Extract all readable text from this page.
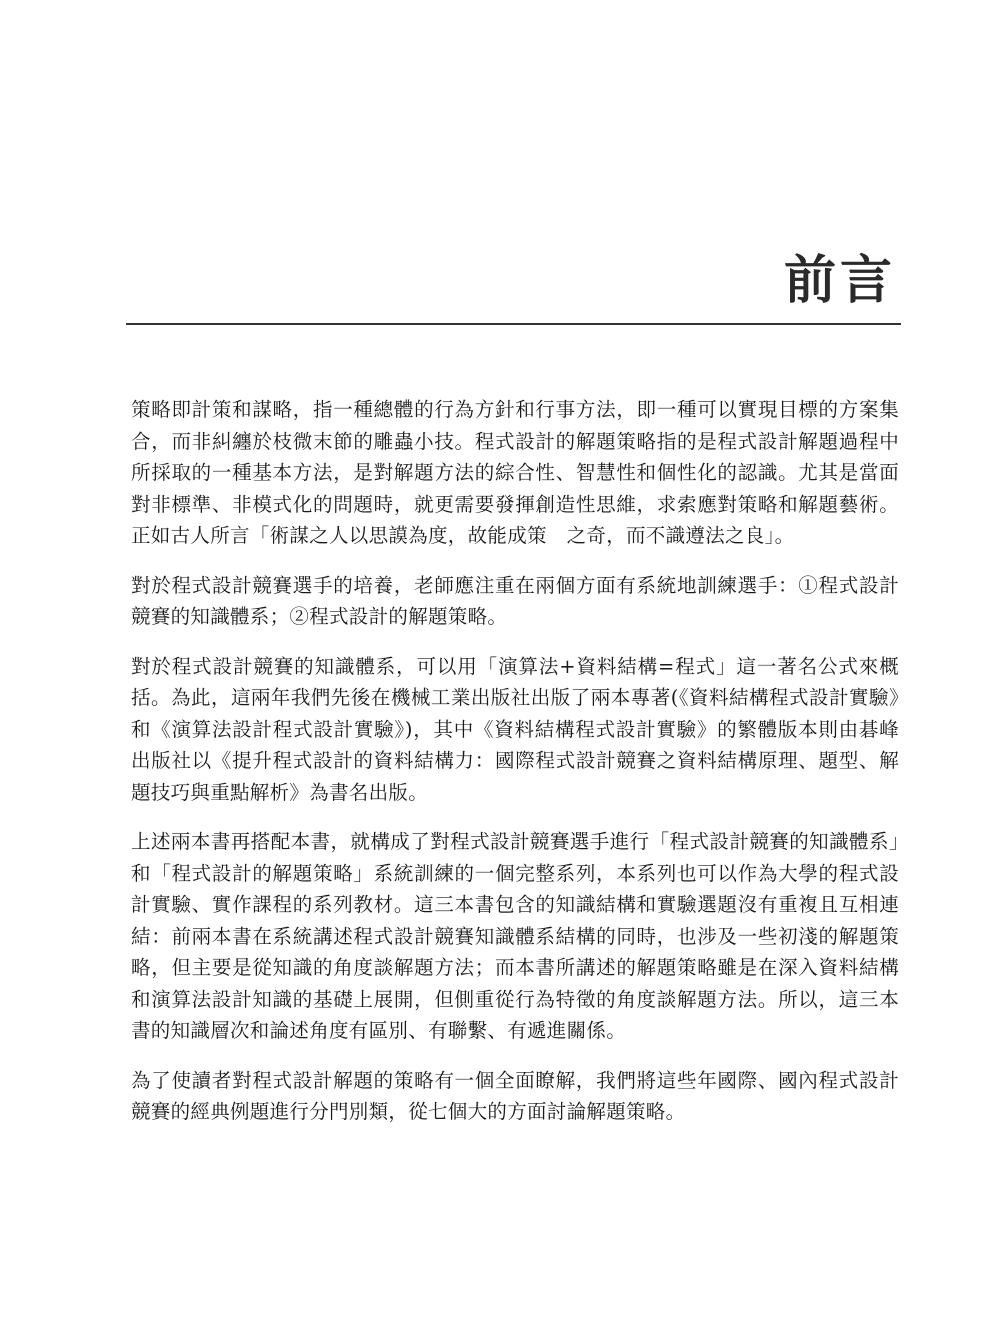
前言

策略即計策和謀略，指一種總體的行為方針和行事方法，即一種可以實現目標的方案集合，而非糾纏於枝微末節的雕蟲小技。程式設計的解題策略指的是程式設計解題過程中所採取的一種基本方法，是對解題方法的綜合性、智慧性和個性化的認識。尤其是當面對非標準、非模式化的問題時，就更需要發揮創造性思維，求索應對策略和解題藝術。正如古人所言「術謀之人以思謨為度，故能成策　之奇，而不識遵法之良」。

對於程式設計競賽選手的培養，老師應注重在兩個方面有系統地訓練選手：①程式設計競賽的知識體系；②程式設計的解題策略。

對於程式設計競賽的知識體系，可以用「演算法+資料結構=程式」這一著名公式來概括。為此，這兩年我們先後在機械工業出版社出版了兩本專著(《資料結構程式設計實驗》和《演算法設計程式設計實驗》)，其中《資料結構程式設計實驗》的繁體版本則由碁峰出版社以《提升程式設計的資料結構力：國際程式設計競賽之資料結構原理、題型、解題技巧與重點解析》為書名出版。

上述兩本書再搭配本書，就構成了對程式設計競賽選手進行「程式設計競賽的知識體系」和「程式設計的解題策略」系統訓練的一個完整系列，本系列也可以作為大學的程式設計實驗、實作課程的系列教材。這三本書包含的知識結構和實驗選題沒有重複且互相連結：前兩本書在系統講述程式設計競賽知識體系結構的同時，也涉及一些初淺的解題策略，但主要是從知識的角度談解題方法；而本書所講述的解題策略雖是在深入資料結構和演算法設計知識的基礎上展開，但側重從行為特徵的角度談解題方法。所以，這三本書的知識層次和論述角度有區別、有聯繫、有遞進關係。

為了使讀者對程式設計解題的策略有一個全面瞭解，我們將這些年國際、國內程式設計競賽的經典例題進行分門別類，從七個大的方面討論解題策略。
